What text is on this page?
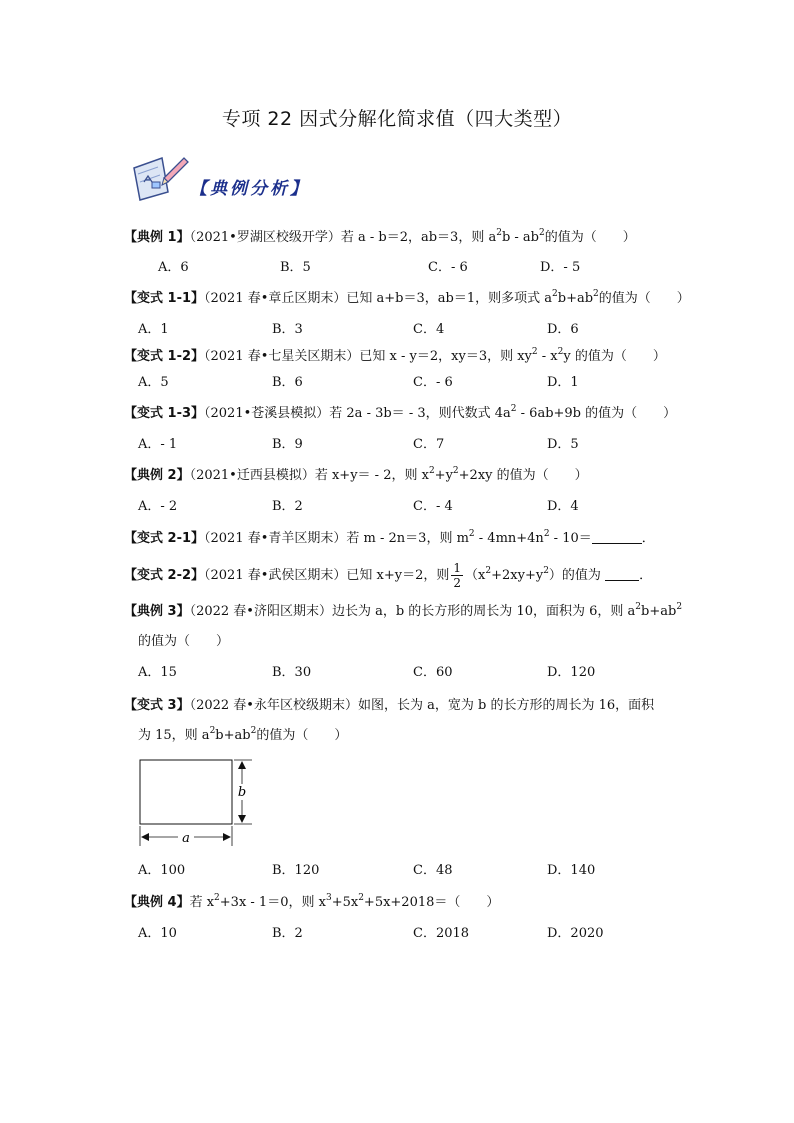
专项 22 因式分解化简求值（四大类型）
【典例分析】
【典例 1】（2021•罗湖区校级开学）若 a - b＝2，ab＝3，则 $a^2b - ab^2$的值为（　　）
A．6	B．5	C．- 6	D．- 5
【变式 1-1】（2021 春•章丘区期末）已知 a+b＝3，ab＝1，则多项式 $a^2b+ab^2$的值为（　　）
A．1	B．3	C．4	D．6
【变式 1-2】（2021 春•七星关区期末）已知 x - y＝2，xy＝3，则 $xy^2 - x^2y$ 的值为（　　）
A．5	B．6	C．- 6	D．1
【变式 1-3】（2021•苍溪县模拟）若 2a - 3b＝ - 3，则代数式 $4a^2 - 6ab+9b$ 的值为（　　）
A．- 1	B．9	C．7	D．5
【典例 2】（2021•迁西县模拟）若 x+y＝ - 2，则 $x^2+y^2+2xy$ 的值为（　　）
A．- 2	B．2	C．- 4	D．4
【变式 2-1】（2021 春•青羊区期末）若 m - 2n＝3，则 $m^2 - 4mn+4n^2 - 10=$	．
【变式 2-2】（2021 春•武侯区期末）已知 x+y＝2，则 $\frac{1}{2} (x^2+2xy+y^2)$的值为	．
【典例 3】（2022 春•济阳区期末）边长为 a，b 的长方形的周长为 10，面积为 6，则 $a^2b+ab^2$
的值为（　　）
A．15	B．30	C．60	D．120
【变式 3】（2022 春•永年区校级期末）如图，长为 a，宽为 b 的长方形的周长为 16，面积
为 15，则 $a^2b+ab^2$的值为（　　）
a
b
A．100	B．120	C．48	D．140
【典例 4】若 $x^2+3x - 1=0$，则 $x^3+5x^2+5x+2018=$（　　）
A．10	B．2	C．2018	D．2020
